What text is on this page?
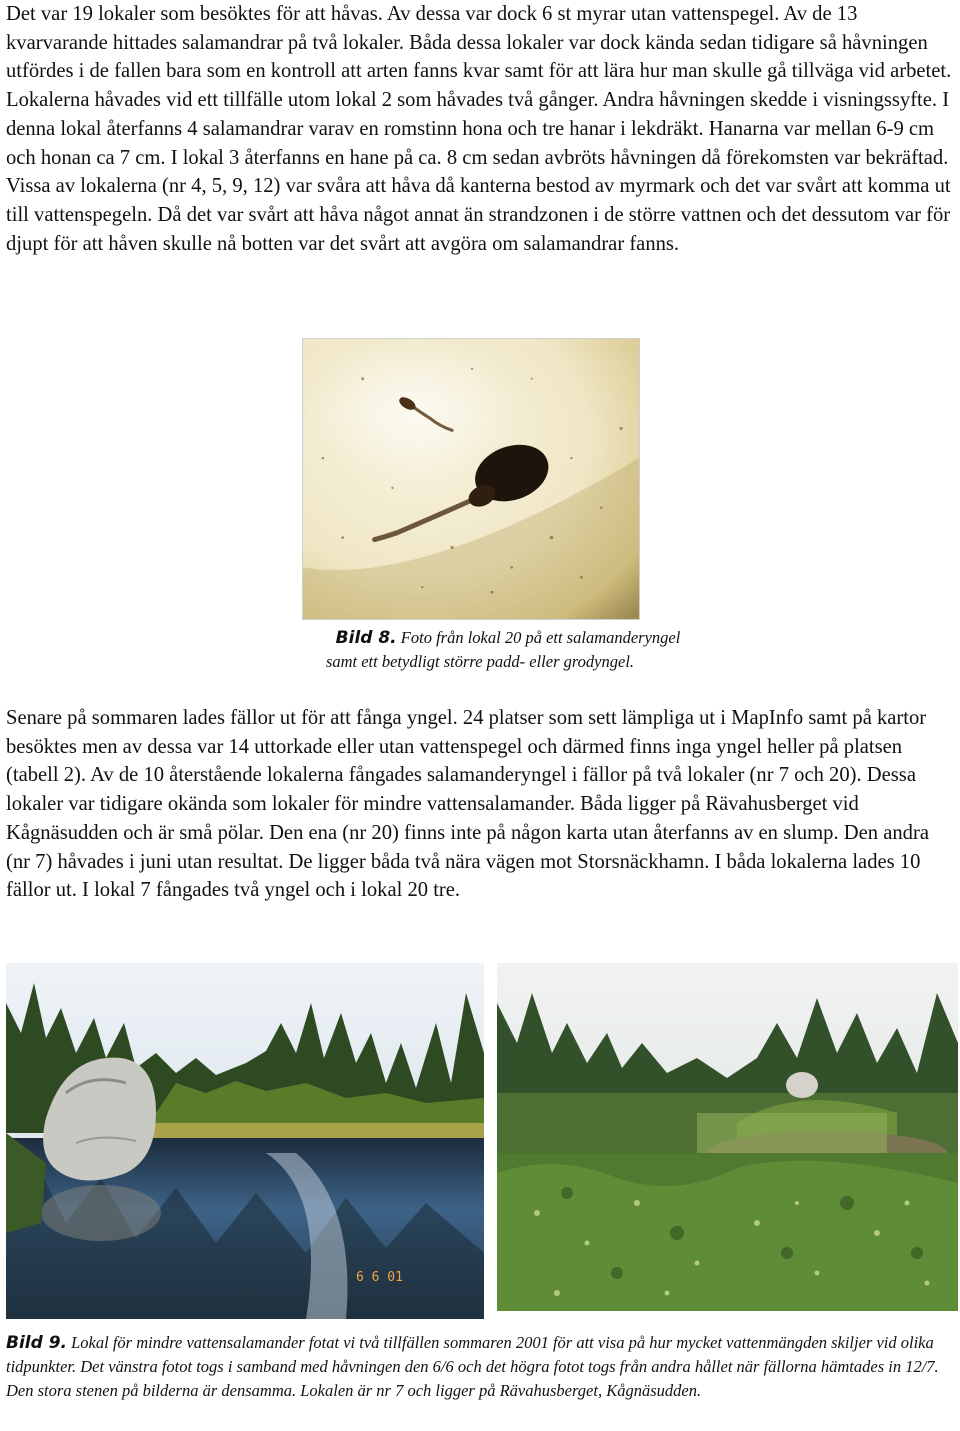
Det var 19 lokaler som besöktes för att håvas. Av dessa var dock 6 st myrar utan vattenspegel. Av de 13 kvarvarande hittades salamandrar på två lokaler. Båda dessa lokaler var dock kända sedan tidigare så håvningen utfördes i de fallen bara som en kontroll att arten fanns kvar samt för att lära hur man skulle gå tillväga vid arbetet. Lokalerna håvades vid ett tillfälle utom lokal 2 som håvades två gånger. Andra håvningen skedde i visningssyfte. I denna lokal återfanns 4 salamandrar varav en romstinn hona och tre hanar i lekdräkt. Hanarna var mellan 6-9 cm och honan ca 7 cm. I lokal 3 återfanns en hane på ca. 8 cm sedan avbröts håvningen då förekomsten var bekräftad. Vissa av lokalerna (nr 4, 5, 9, 12) var svåra att håva då kanterna bestod av myrmark och det var svårt att komma ut till vattenspegeln. Då det var svårt att håva något annat än strandzonen i de större vattnen och det dessutom var för djupt för att håven skulle nå botten var det svårt att avgöra om salamandrar fanns.

Bild 8. Foto från lokal 20 på ett salamanderyngel
samt ett betydligt större padd- eller grodyngel.

Senare på sommaren lades fällor ut för att fånga yngel. 24 platser som sett lämpliga ut i MapInfo samt på kartor besöktes men av dessa var 14 uttorkade eller utan vattenspegel och därmed finns inga yngel heller på platsen (tabell 2). Av de 10 återstående lokalerna fångades salamanderyngel i fällor på två lokaler (nr 7 och 20). Dessa lokaler var tidigare okända som lokaler för mindre vattensalamander. Båda ligger på Rävahusberget vid Kågnäsudden och är små pölar. Den ena (nr 20) finns inte på någon karta utan återfanns av en slump. Den andra (nr 7) håvades i juni utan resultat. De ligger båda två nära vägen mot Storsnäckhamn. I båda lokalerna lades 10 fällor ut. I lokal 7 fångades två yngel och i lokal 20 tre.

6 6 01

Bild 9. Lokal för mindre vattensalamander fotat vi två tillfällen sommaren 2001 för att visa på hur mycket vattenmängden skiljer vid olika tidpunkter. Det vänstra fotot togs i samband med håvningen den 6/6 och det högra fotot togs från andra hållet när fällorna hämtades in 12/7. Den stora stenen på bilderna är densamma. Lokalen är nr 7 och ligger på Rävahusberget, Kågnäsudden.
